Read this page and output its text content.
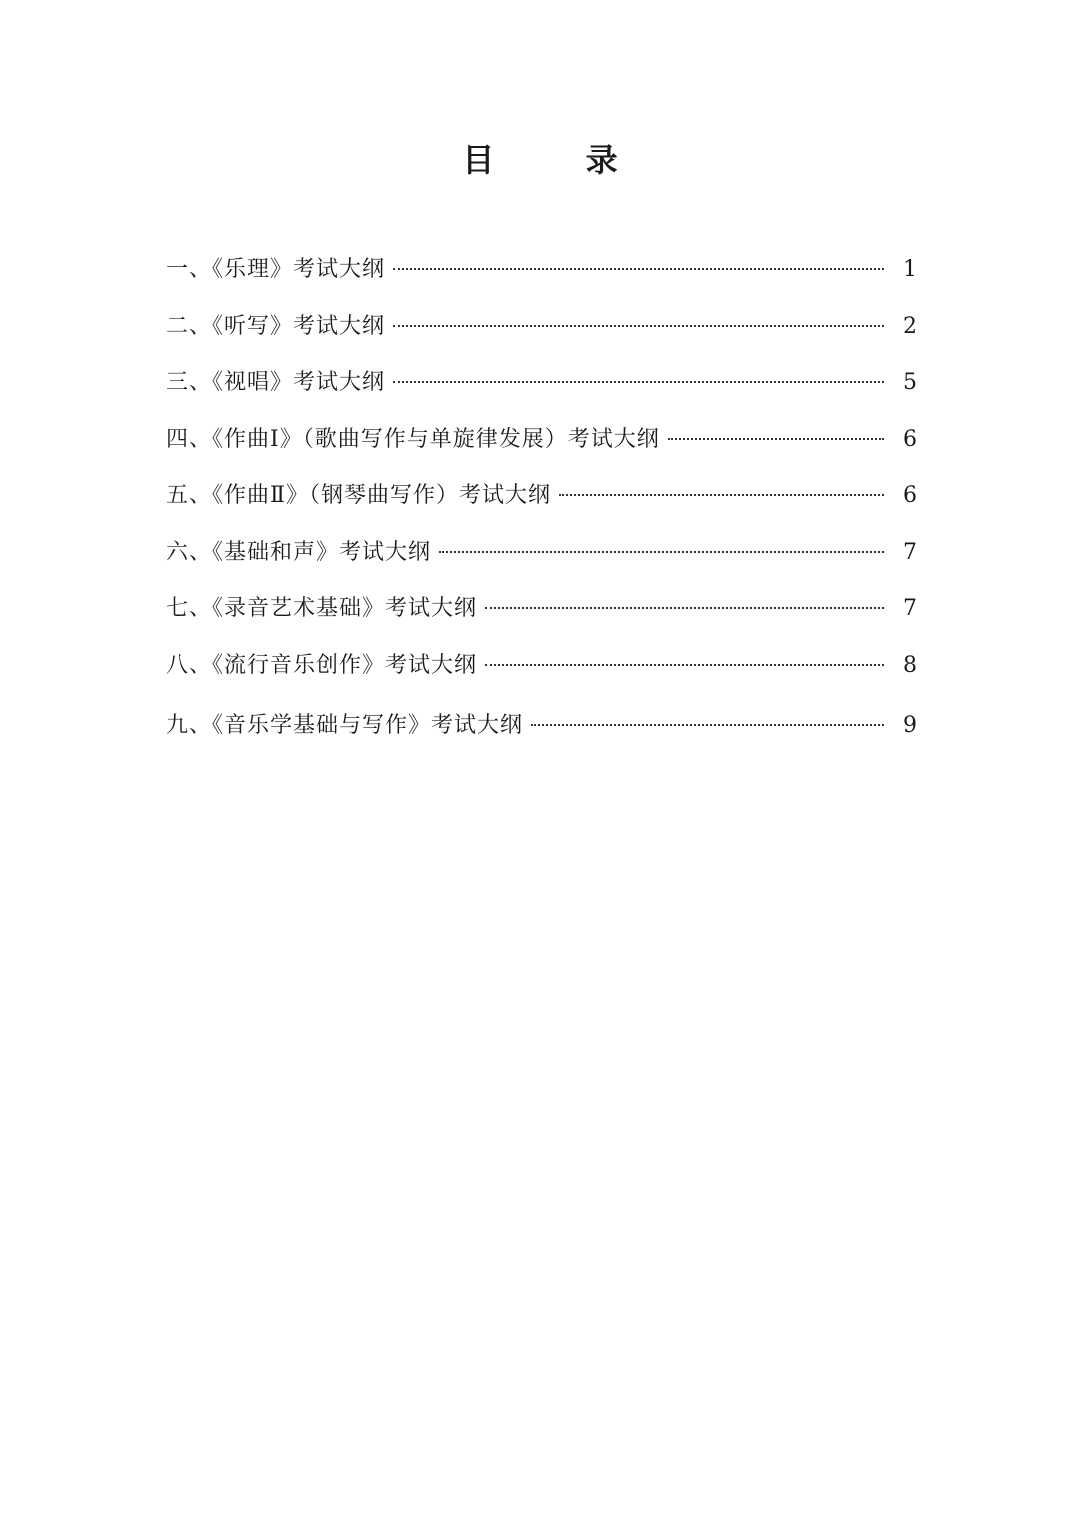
目 录
一、《乐理》考试大纲	1
二、《听写》考试大纲	2
三、《视唱》考试大纲	5
四、《作曲Ⅰ》（歌曲写作与单旋律发展）考试大纲	6
五、《作曲Ⅱ》（钢琴曲写作）考试大纲	6
六、《基础和声》考试大纲	7
七、《录音艺术基础》考试大纲	7
八、《流行音乐创作》考试大纲	8
九、《音乐学基础与写作》考试大纲	9
